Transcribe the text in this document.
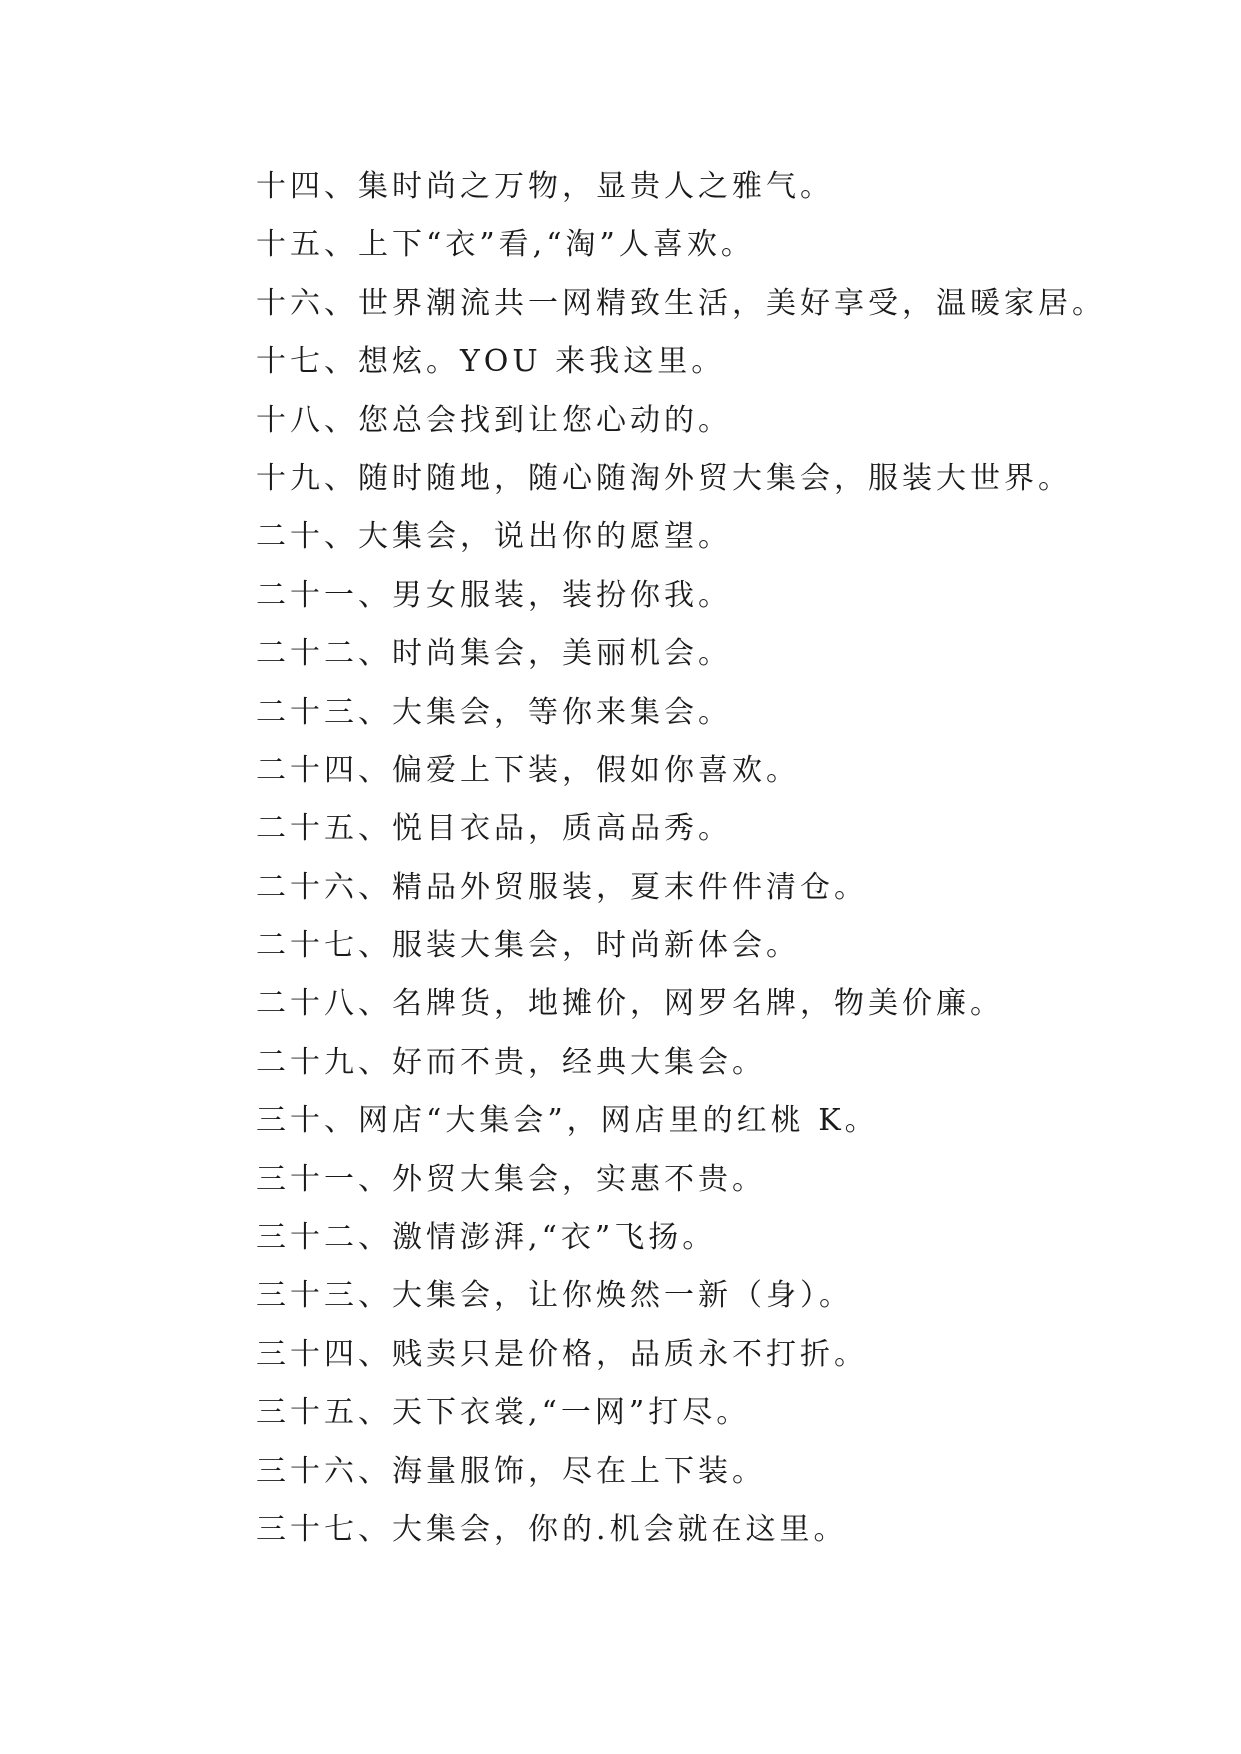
十四、集时尚之万物，显贵人之雅气。
十五、上下“衣”看,“淘”人喜欢。
十六、世界潮流共一网精致生活，美好享受，温暖家居。
十七、想炫。YOU 来我这里。
十八、您总会找到让您心动的。
十九、随时随地，随心随淘外贸大集会，服装大世界。
二十、大集会，说出你的愿望。
二十一、男女服装，装扮你我。
二十二、时尚集会，美丽机会。
二十三、大集会，等你来集会。
二十四、偏爱上下装，假如你喜欢。
二十五、悦目衣品，质高品秀。
二十六、精品外贸服装，夏末件件清仓。
二十七、服装大集会，时尚新体会。
二十八、名牌货，地摊价，网罗名牌，物美价廉。
二十九、好而不贵，经典大集会。
三十、网店“大集会”，网店里的红桃 K。
三十一、外贸大集会，实惠不贵。
三十二、激情澎湃,“衣”飞扬。
三十三、大集会，让你焕然一新（身）。
三十四、贱卖只是价格，品质永不打折。
三十五、天下衣裳,“一网”打尽。
三十六、海量服饰，尽在上下装。
三十七、大集会，你的.机会就在这里。
